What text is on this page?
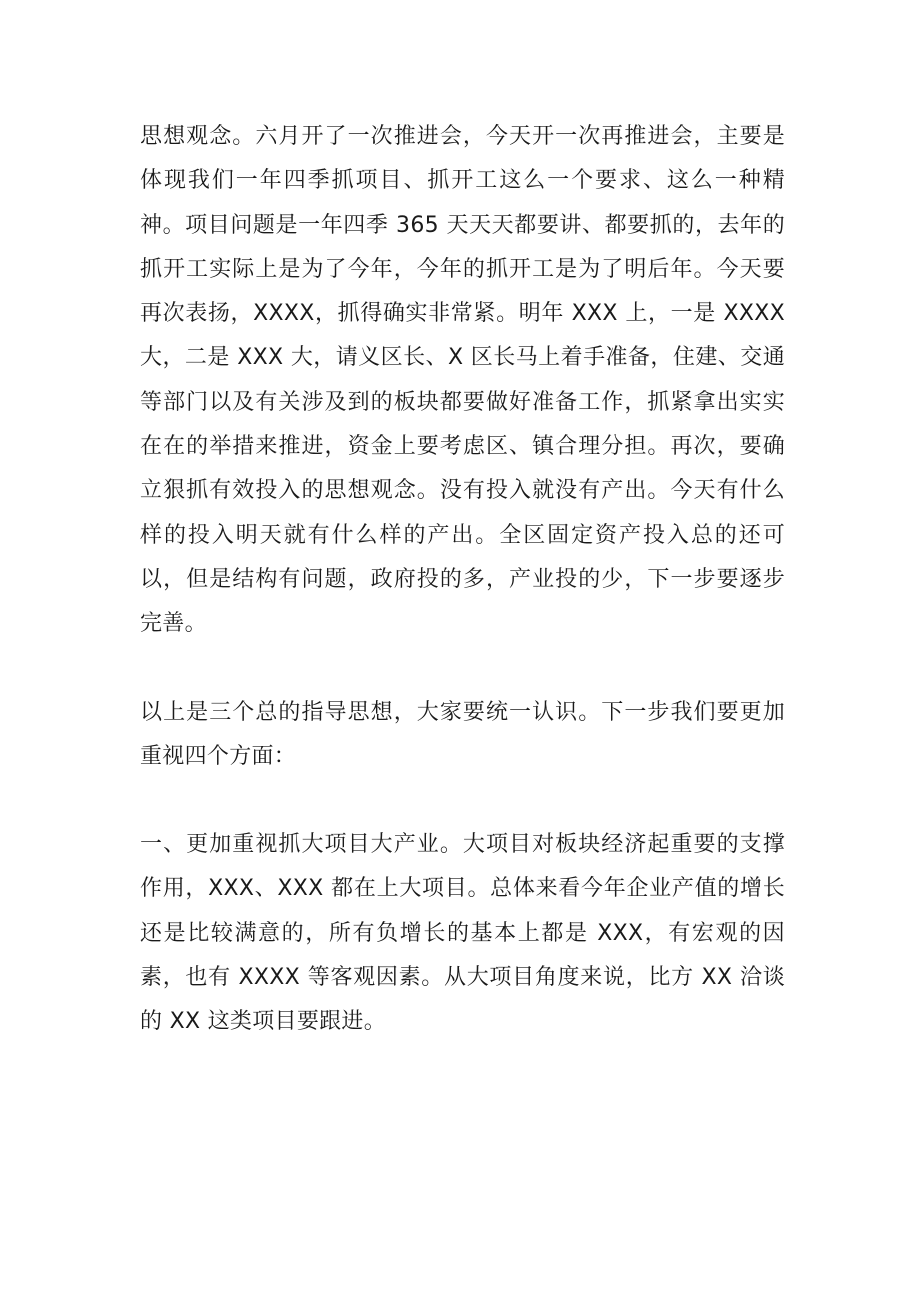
思想观念。六月开了一次推进会，今天开一次再推进会，主要是体现我们一年四季抓项目、抓开工这么一个要求、这么一种精神。项目问题是一年四季 365 天天天都要讲、都要抓的，去年的抓开工实际上是为了今年，今年的抓开工是为了明后年。今天要再次表扬，XXXX，抓得确实非常紧。明年 XXX 上，一是 XXXX 大，二是 XXX 大，请义区长、X 区长马上着手准备，住建、交通等部门以及有关涉及到的板块都要做好准备工作，抓紧拿出实实在在的举措来推进，资金上要考虑区、镇合理分担。再次，要确立狠抓有效投入的思想观念。没有投入就没有产出。今天有什么样的投入明天就有什么样的产出。全区固定资产投入总的还可以，但是结构有问题，政府投的多，产业投的少，下一步要逐步完善。

以上是三个总的指导思想，大家要统一认识。下一步我们要更加重视四个方面：

一、更加重视抓大项目大产业。大项目对板块经济起重要的支撑作用，XXX、XXX 都在上大项目。总体来看今年企业产值的增长还是比较满意的，所有负增长的基本上都是 XXX，有宏观的因素，也有 XXXX 等客观因素。从大项目角度来说，比方 XX 洽谈的 XX 这类项目要跟进。
